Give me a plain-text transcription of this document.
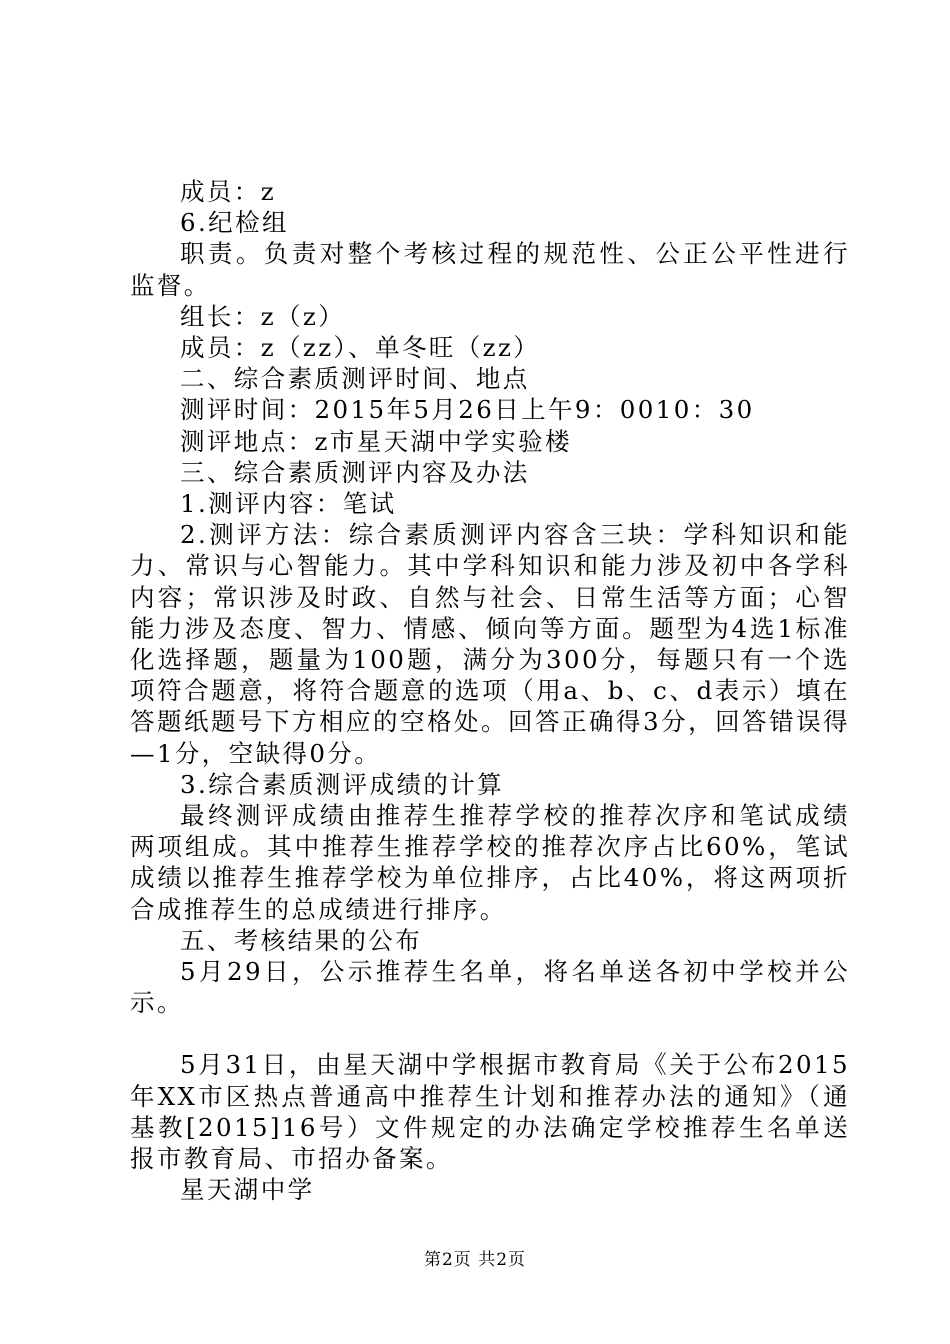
成员：z

6.纪检组

职责。负责对整个考核过程的规范性、公正公平性进行监督。

组长：z（z）

成员：z（zz）、单冬旺（zz）

二、综合素质测评时间、地点

测评时间：2015年5月26日上午9：0010：30

测评地点：z市星天湖中学实验楼

三、综合素质测评内容及办法

1.测评内容：笔试

2.测评方法：综合素质测评内容含三块：学科知识和能力、常识与心智能力。其中学科知识和能力涉及初中各学科内容；常识涉及时政、自然与社会、日常生活等方面；心智能力涉及态度、智力、情感、倾向等方面。题型为4选1标准化选择题，题量为100题，满分为300分，每题只有一个选项符合题意，将符合题意的选项（用a、b、c、d表示）填在答题纸题号下方相应的空格处。回答正确得3分，回答错误得—1分，空缺得0分。

3.综合素质测评成绩的计算

最终测评成绩由推荐生推荐学校的推荐次序和笔试成绩两项组成。其中推荐生推荐学校的推荐次序占比60%，笔试成绩以推荐生推荐学校为单位排序，占比40%，将这两项折合成推荐生的总成绩进行排序。

五、考核结果的公布

5月29日，公示推荐生名单，将名单送各初中学校并公示。

5月31日，由星天湖中学根据市教育局《关于公布2015年XX市区热点普通高中推荐生计划和推荐办法的通知》（通基教[2015]16号）文件规定的办法确定学校推荐生名单送报市教育局、市招办备案。

星天湖中学

第2页 共2页
